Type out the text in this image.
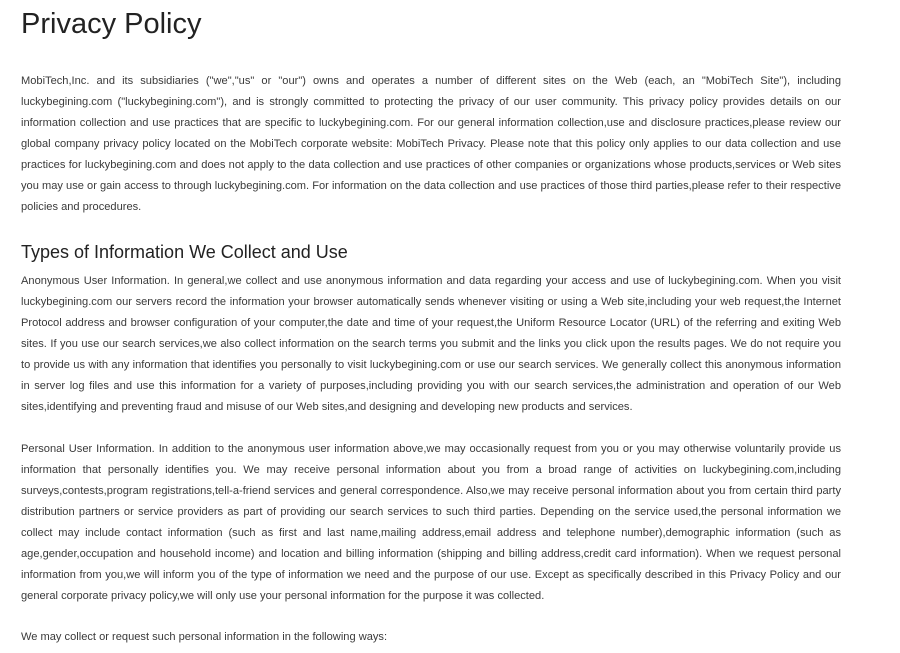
Privacy Policy

MobiTech,Inc. and its subsidiaries ("we","us" or "our") owns and operates a number of different sites on the Web (each, an "MobiTech Site"), including luckybegining.com ("luckybegining.com"), and is strongly committed to protecting the privacy of our user community. This privacy policy provides details on our information collection and use practices that are specific to luckybegining.com. For our general information collection,use and disclosure practices,please review our global company privacy policy located on the MobiTech corporate website: MobiTech Privacy. Please note that this policy only applies to our data collection and use practices for luckybegining.com and does not apply to the data collection and use practices of other companies or organizations whose products,services or Web sites you may use or gain access to through luckybegining.com. For information on the data collection and use practices of those third parties,please refer to their respective policies and procedures.

Types of Information We Collect and Use

Anonymous User Information. In general,we collect and use anonymous information and data regarding your access and use of luckybegining.com. When you visit luckybegining.com our servers record the information your browser automatically sends whenever visiting or using a Web site,including your web request,the Internet Protocol address and browser configuration of your computer,the date and time of your request,the Uniform Resource Locator (URL) of the referring and exiting Web sites. If you use our search services,we also collect information on the search terms you submit and the links you click upon the results pages. We do not require you to provide us with any information that identifies you personally to visit luckybegining.com or use our search services. We generally collect this anonymous information in server log files and use this information for a variety of purposes,including providing you with our search services,the administration and operation of our Web sites,identifying and preventing fraud and misuse of our Web sites,and designing and developing new products and services.

Personal User Information. In addition to the anonymous user information above,we may occasionally request from you or you may otherwise voluntarily provide us information that personally identifies you. We may receive personal information about you from a broad range of activities on luckybegining.com,including surveys,contests,program registrations,tell-a-friend services and general correspondence. Also,we may receive personal information about you from certain third party distribution partners or service providers as part of providing our search services to such third parties. Depending on the service used,the personal information we collect may include contact information (such as first and last name,mailing address,email address and telephone number),demographic information (such as age,gender,occupation and household income) and location and billing information (shipping and billing address,credit card information). When we request personal information from you,we will inform you of the type of information we need and the purpose of our use. Except as specifically described in this Privacy Policy and our general corporate privacy policy,we will only use your personal information for the purpose it was collected.

We may collect or request such personal information in the following ways:
